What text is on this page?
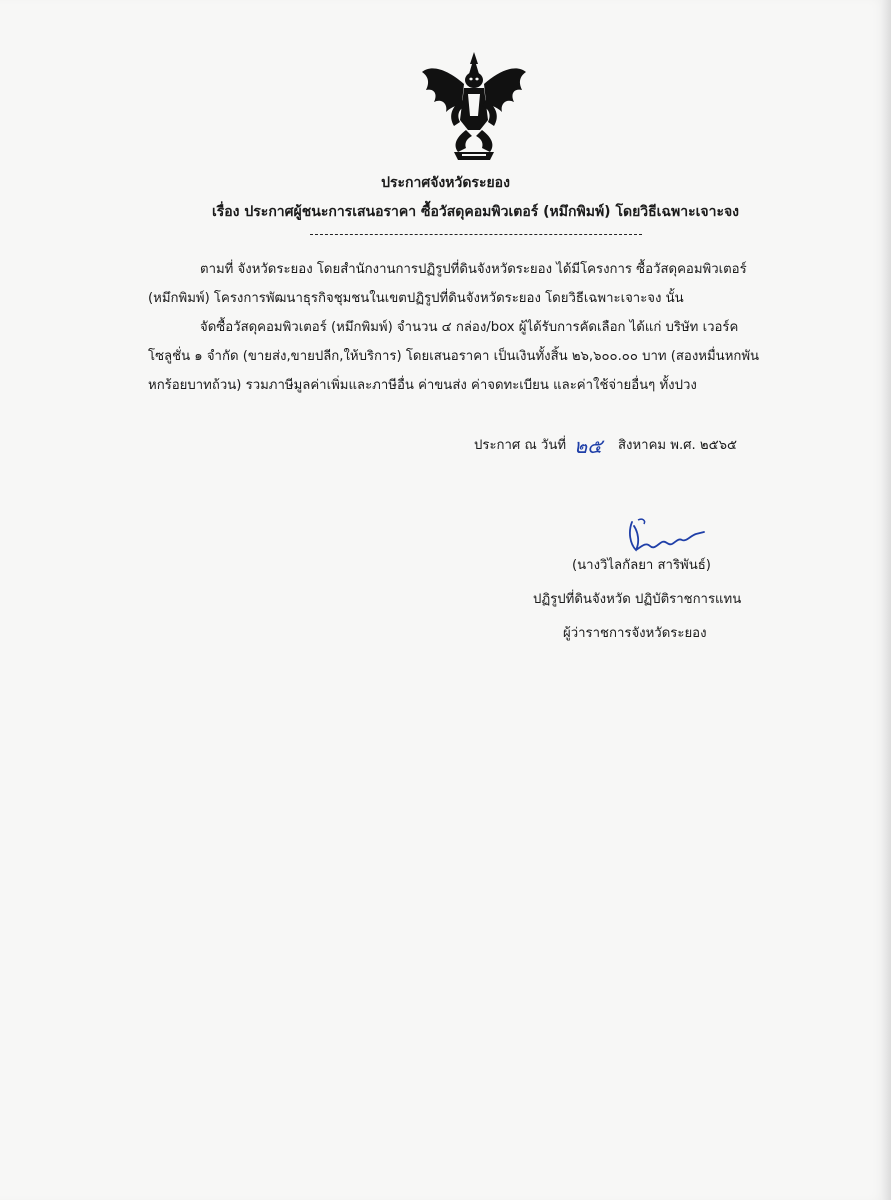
ประกาศจังหวัดระยอง
เรื่อง ประกาศผู้ชนะการเสนอราคา ซื้อวัสดุคอมพิวเตอร์ (หมึกพิมพ์) โดยวิธีเฉพาะเจาะจง
ตามที่ จังหวัดระยอง โดยสำนักงานการปฏิรูปที่ดินจังหวัดระยอง ได้มีโครงการ ซื้อวัสดุคอมพิวเตอร์
(หมึกพิมพ์) โครงการพัฒนาธุรกิจชุมชนในเขตปฏิรูปที่ดินจังหวัดระยอง โดยวิธีเฉพาะเจาะจง นั้น
จัดซื้อวัสดุคอมพิวเตอร์ (หมึกพิมพ์) จำนวน ๔ กล่อง/box ผู้ได้รับการคัดเลือก ได้แก่ บริษัท เวอร์ค
โซลูชั่น ๑ จำกัด (ขายส่ง,ขายปลีก,ให้บริการ) โดยเสนอราคา เป็นเงินทั้งสิ้น ๒๖,๖๐๐.๐๐ บาท (สองหมื่นหกพัน
หกร้อยบาทถ้วน) รวมภาษีมูลค่าเพิ่มและภาษีอื่น ค่าขนส่ง ค่าจดทะเบียน และค่าใช้จ่ายอื่นๆ ทั้งปวง
ประกาศ ณ วันที่ ๒๕	สิงหาคม พ.ศ. ๒๕๖๕
(นางวิไลกัลยา สาริพันธ์)
ปฏิรูปที่ดินจังหวัด ปฏิบัติราชการแทน
ผู้ว่าราชการจังหวัดระยอง
